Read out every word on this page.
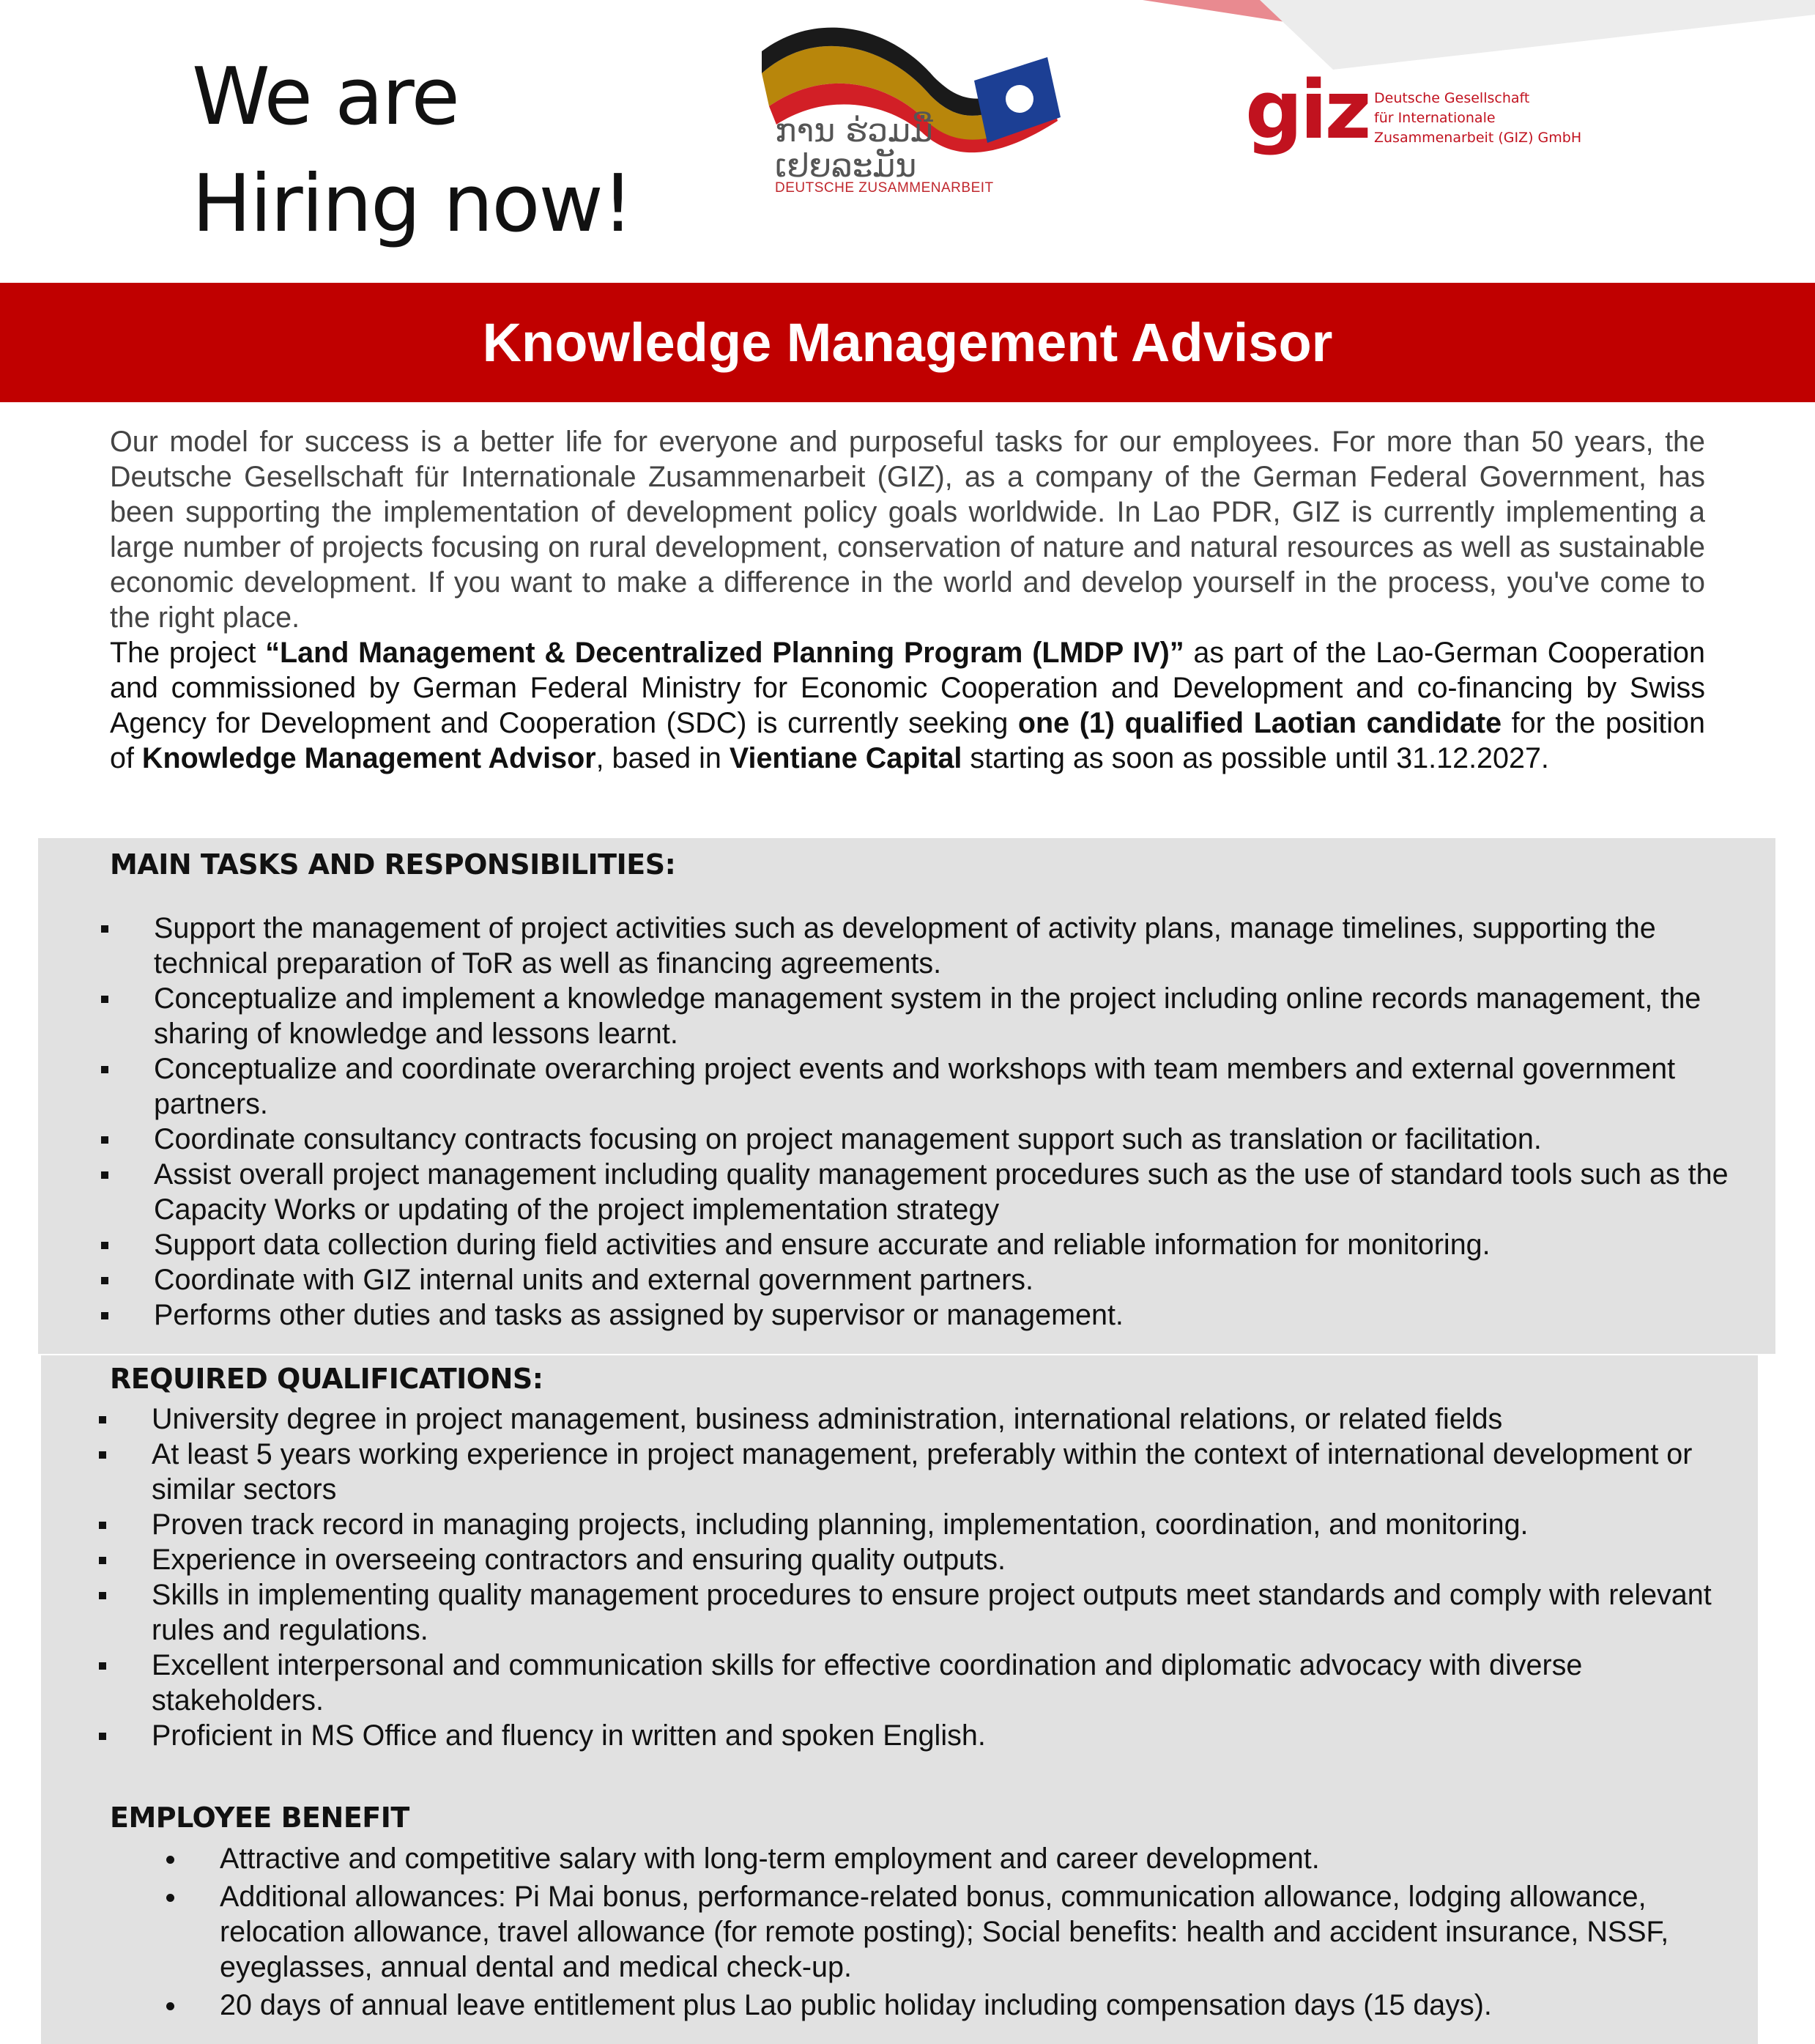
We are
Hiring now!
ການ ຮ່ວມມື
ເຢຍລະມັນ
DEUTSCHE ZUSAMMENARBEIT
giz Deutsche Gesellschaft
für Internationale
Zusammenarbeit (GIZ) GmbH
Knowledge Management Advisor

Our model for success is a better life for everyone and purposeful tasks for our employees. For more than 50 years, the Deutsche Gesellschaft für Internationale Zusammenarbeit (GIZ), as a company of the German Federal Government, has been supporting the implementation of development policy goals worldwide. In Lao PDR, GIZ is currently implementing a large number of projects focusing on rural development, conservation of nature and natural resources as well as sustainable economic development. If you want to make a difference in the world and develop yourself in the process, you've come to the right place.

The project “Land Management & Decentralized Planning Program (LMDP IV)” as part of the Lao-German Cooperation and commissioned by German Federal Ministry for Economic Cooperation and Development and co-financing by Swiss Agency for Development and Cooperation (SDC) is currently seeking one (1) qualified Laotian candidate for the position of Knowledge Management Advisor, based in Vientiane Capital starting as soon as possible until 31.12.2027.

MAIN TASKS AND RESPONSIBILITIES:
Support the management of project activities such as development of activity plans, manage timelines, supporting the technical preparation of ToR as well as financing agreements.
Conceptualize and implement a knowledge management system in the project including online records management, the sharing of knowledge and lessons learnt.
Conceptualize and coordinate overarching project events and workshops with team members and external government partners.
Coordinate consultancy contracts focusing on project management support such as translation or facilitation.
Assist overall project management including quality management procedures such as the use of standard tools such as the Capacity Works or updating of the project implementation strategy
Support data collection during field activities and ensure accurate and reliable information for monitoring.
Coordinate with GIZ internal units and external government partners.
Performs other duties and tasks as assigned by supervisor or management.
REQUIRED QUALIFICATIONS:
University degree in project management, business administration, international relations, or related fields
At least 5 years working experience in project management, preferably within the context of international development or similar sectors
Proven track record in managing projects, including planning, implementation, coordination, and monitoring.
Experience in overseeing contractors and ensuring quality outputs.
Skills in implementing quality management procedures to ensure project outputs meet standards and comply with relevant rules and regulations.
Excellent interpersonal and communication skills for effective coordination and diplomatic advocacy with diverse stakeholders.
Proficient in MS Office and fluency in written and spoken English.
EMPLOYEE BENEFIT
Attractive and competitive salary with long-term employment and career development.
Additional allowances: Pi Mai bonus, performance-related bonus, communication allowance, lodging allowance, relocation allowance, travel allowance (for remote posting); Social benefits: health and accident insurance, NSSF, eyeglasses, annual dental and medical check-up.
20 days of annual leave entitlement plus Lao public holiday including compensation days (15 days).
